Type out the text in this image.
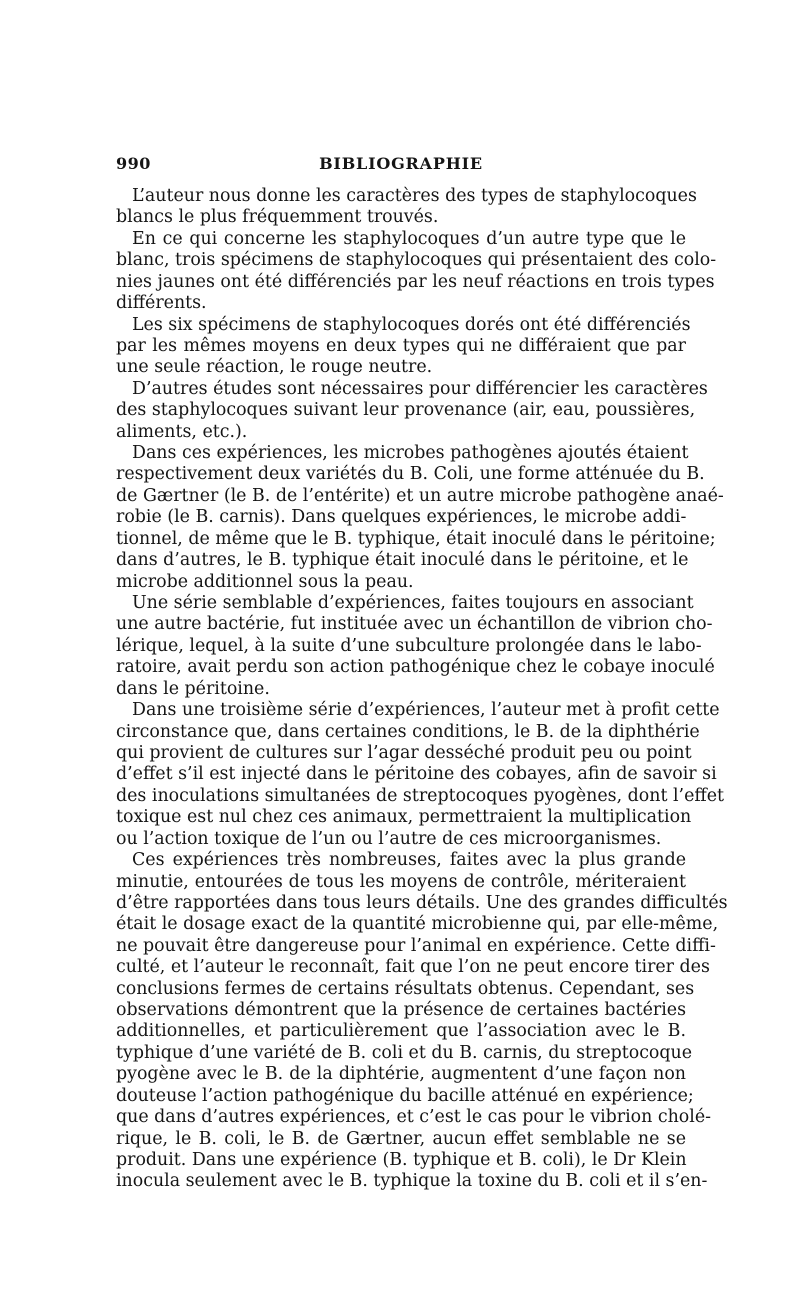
990	BIBLIOGRAPHIE
L’auteur nous donne les caractères des types de staphylocoques
blancs le plus fréquemment trouvés.
En ce qui concerne les staphylocoques d’un autre type que le
blanc, trois spécimens de staphylocoques qui présentaient des colo-
nies jaunes ont été différenciés par les neuf réactions en trois types
différents.
Les six spécimens de staphylocoques dorés ont été différenciés
par les mêmes moyens en deux types qui ne différaient que par
une seule réaction, le rouge neutre.
D’autres études sont nécessaires pour différencier les caractères
des staphylocoques suivant leur provenance (air, eau, poussières,
aliments, etc.).
Dans ces expériences, les microbes pathogènes ajoutés étaient
respectivement deux variétés du B. Coli, une forme atténuée du B.
de Gærtner (le B. de l’entérite) et un autre microbe pathogène anaé-
robie (le B. carnis). Dans quelques expériences, le microbe addi-
tionnel, de même que le B. typhique, était inoculé dans le péritoine;
dans d’autres, le B. typhique était inoculé dans le péritoine, et le
microbe additionnel sous la peau.
Une série semblable d’expériences, faites toujours en associant
une autre bactérie, fut instituée avec un échantillon de vibrion cho-
lérique, lequel, à la suite d’une subculture prolongée dans le labo-
ratoire, avait perdu son action pathogénique chez le cobaye inoculé
dans le péritoine.
Dans une troisième série d’expériences, l’auteur met à profit cette
circonstance que, dans certaines conditions, le B. de la diphthérie
qui provient de cultures sur l’agar desséché produit peu ou point
d’effet s’il est injecté dans le péritoine des cobayes, afin de savoir si
des inoculations simultanées de streptocoques pyogènes, dont l’effet
toxique est nul chez ces animaux, permettraient la multiplication
ou l’action toxique de l’un ou l’autre de ces microorganismes.
Ces expériences très nombreuses, faites avec la plus grande
minutie, entourées de tous les moyens de contrôle, mériteraient
d’être rapportées dans tous leurs détails. Une des grandes difficultés
était le dosage exact de la quantité microbienne qui, par elle-même,
ne pouvait être dangereuse pour l’animal en expérience. Cette diffi-
culté, et l’auteur le reconnaît, fait que l’on ne peut encore tirer des
conclusions fermes de certains résultats obtenus. Cependant, ses
observations démontrent que la présence de certaines bactéries
additionnelles, et particulièrement que l’association avec le B.
typhique d’une variété de B. coli et du B. carnis, du streptocoque
pyogène avec le B. de la diphtérie, augmentent d’une façon non
douteuse l’action pathogénique du bacille atténué en expérience;
que dans d’autres expériences, et c’est le cas pour le vibrion cholé-
rique, le B. coli, le B. de Gærtner, aucun effet semblable ne se
produit. Dans une expérience (B. typhique et B. coli), le Dr Klein
inocula seulement avec le B. typhique la toxine du B. coli et il s’en-
